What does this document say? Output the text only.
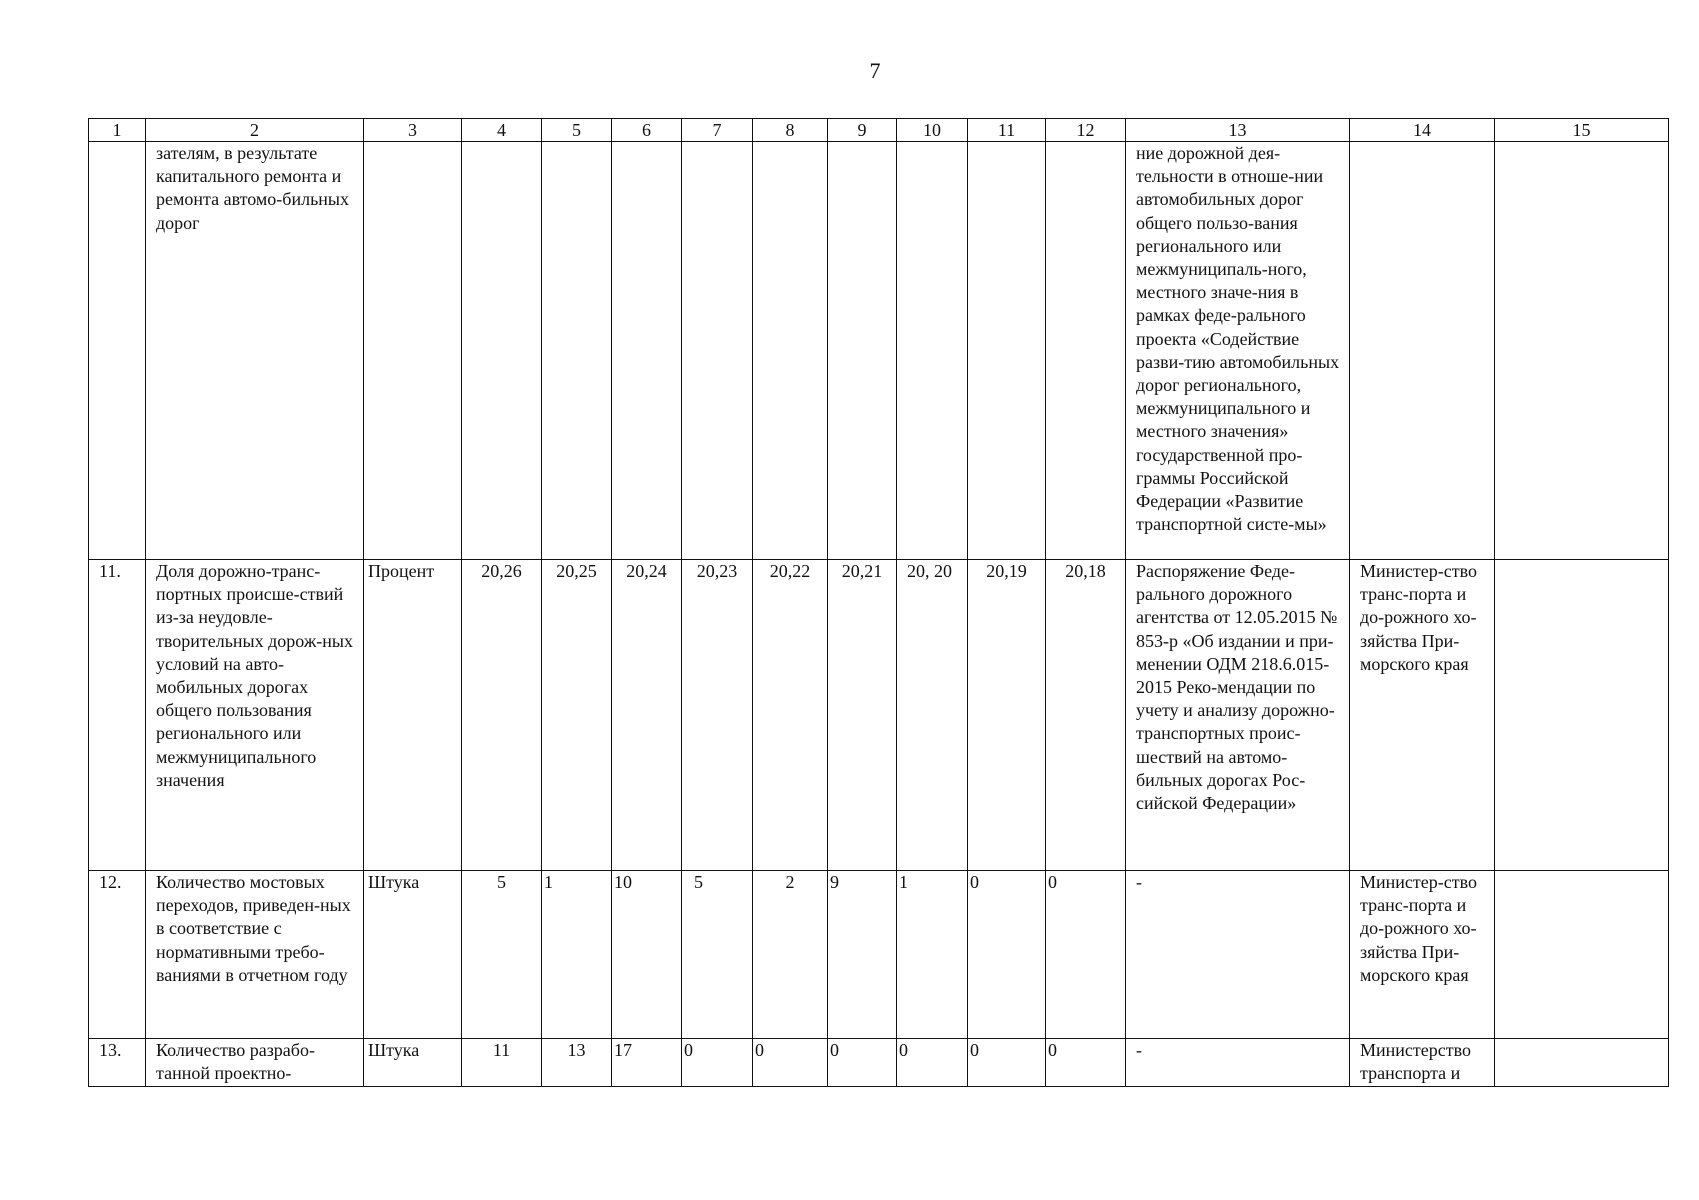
7
1	2	3	4	5	6	7	8	9	10	11	12	13	14	15
	зателям, в результате капитального ремонта и ремонта автомо-бильных дорог											ние дорожной дея-тельности в отноше-нии автомобильных дорог общего пользо-вания регионального или межмуниципаль-ного, местного значе-ния в рамках феде-рального проекта «Содействие разви-тию автомобильных дорог регионального, межмуниципального и местного значения» государственной про-граммы Российской Федерации «Развитие транспортной систе-мы»		
11.	Доля дорожно-транс-портных происше-ствий из-за неудовле-творительных дорож-ных условий на авто-мобильных дорогах общего пользования регионального или межмуниципального значения	Процент	20,26	20,25	20,24	20,23	20,22	20,21	20, 20	20,19	20,18	Распоряжение Феде-рального дорожного агентства от 12.05.2015 № 853-р «Об издании и при-менении ОДМ 218.6.015-2015 Реко-мендации по учету и анализу дорожно-транспортных проис-шествий на автомо-бильных дорогах Рос-сийской Федерации»	Министер-ство транс-порта и до-рожного хо-зяйства При-морского края	
12.	Количество мостовых переходов, приведен-ных в соответствие с нормативными требо-ваниями в отчетном году	Штука	5	1	10	5	2	9	1	0	0	-	Министер-ство транс-порта и до-рожного хо-зяйства При-морского края	
13.	Количество разрабо-танной проектно-	Штука	11	13	17	0	0	0	0	0	0	-	Министерство транспорта и	
